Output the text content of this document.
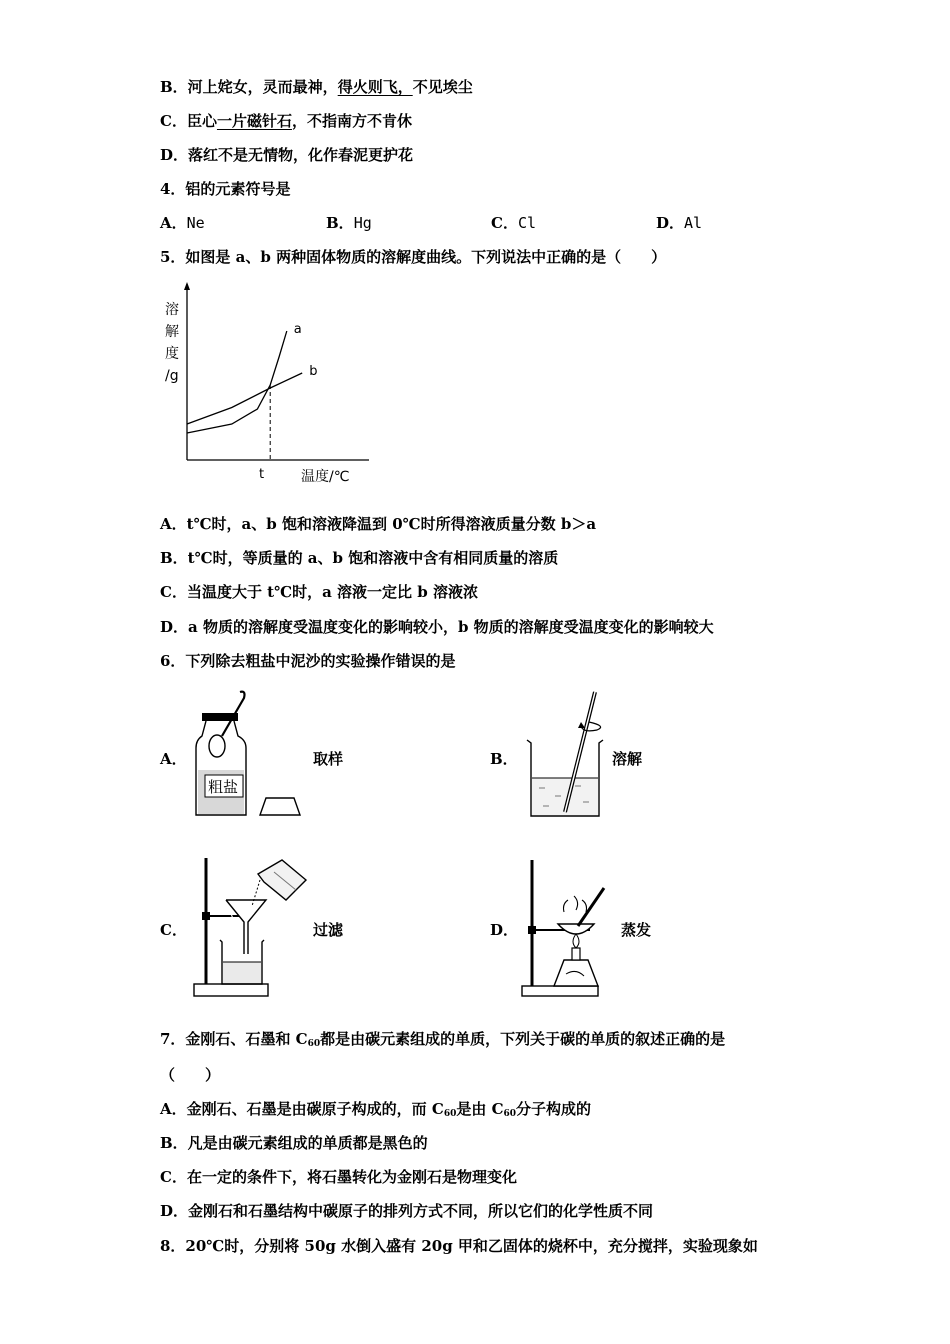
B．河上姹女，灵而最神，得火则飞，不见埃尘
C．臣心一片磁针石，不指南方不肯休
D．落红不是无情物，化作春泥更护花
4．铝的元素符号是
A．Ne	B．Hg	C．Cl	D．Al
5．如图是 a、b 两种固体物质的溶解度曲线。下列说法中正确的是（　　）
溶
解
度
/g
a
b
t	温度/℃
A．t℃时，a、b 饱和溶液降温到 0℃时所得溶液质量分数 b＞a
B．t℃时，等质量的 a、b 饱和溶液中含有相同质量的溶质
C．当温度大于 t℃时，a 溶液一定比 b 溶液浓
D．a 物质的溶解度受温度变化的影响较小，b 物质的溶解度受温度变化的影响较大
6．下列除去粗盐中泥沙的实验操作错误的是
A．
粗盐
取样	B．	溶解
C．	过滤	D．	蒸发
7．金刚石、石墨和 $C_{60}$都是由碳元素组成的单质，下列关于碳的单质的叙述正确的是
（　　）
A．金刚石、石墨是由碳原子构成的，而 $C_{60}$是由 $C_{60}$分子构成的
B．凡是由碳元素组成的单质都是黑色的
C．在一定的条件下，将石墨转化为金刚石是物理变化
D．金刚石和石墨结构中碳原子的排列方式不同，所以它们的化学性质不同
8．20℃时，分别将 50g 水倒入盛有 20g 甲和乙固体的烧杯中，充分搅拌，实验现象如
